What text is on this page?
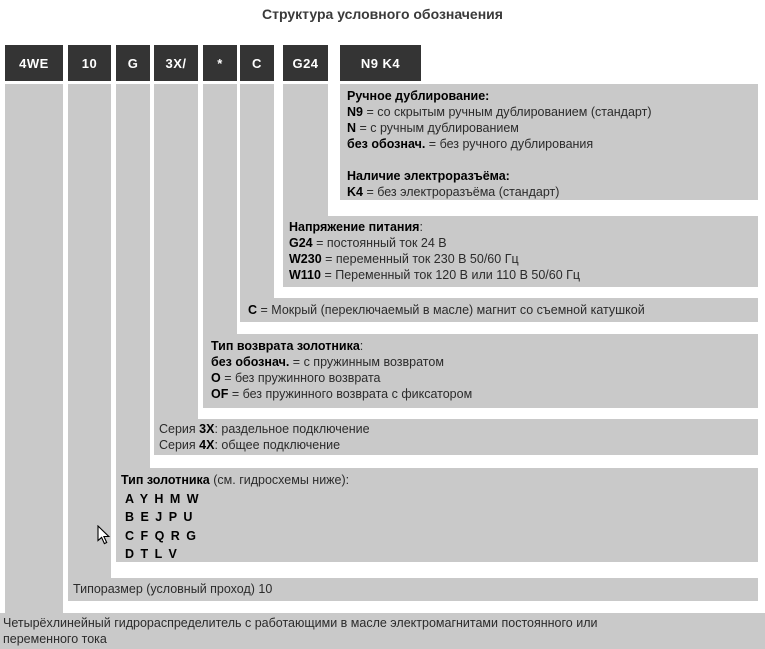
Структура условного обозначения
4WE	10	G	3X/	*	C	G24	N9 K4
Ручное дублирование:
N9 = со скрытым ручным дублированием (стандарт)
N = с ручным дублированием
без обознач. = без ручного дублирования

Наличие электроразъёма:
K4 = без электроразъёма (стандарт)
Напряжение питания:
G24 = постоянный ток 24 В
W230 = переменный ток 230 В 50/60 Гц
W110 = Переменный ток 120 В или 110 В 50/60 Гц
C = Мокрый (переключаемый в масле) магнит со съемной катушкой
Тип возврата золотника:
без обознач. = с пружинным возвратом
O = без пружинного возврата
OF = без пружинного возврата с фиксатором
Серия 3X: раздельное подключение
Серия 4X: общее подключение
Тип золотника (см. гидросхемы ниже):
A Y H M W
B E J P U
C F Q R G
D T L V
Типоразмер (условный проход) 10
Четырёхлинейный гидрораспределитель с работающими в масле электромагнитами постоянного или
переменного тока
